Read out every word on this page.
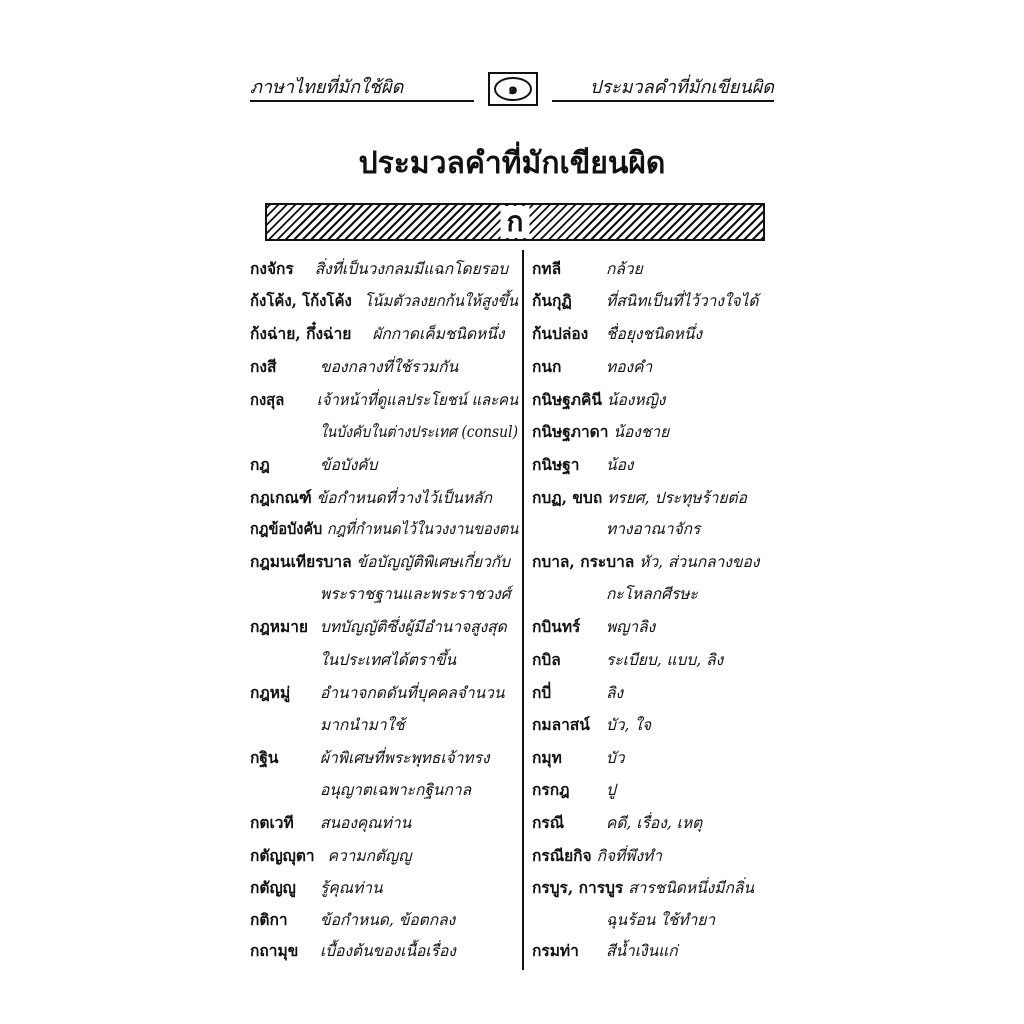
ภาษาไทยที่มักใช้ผิด	๑	ประมวลคำที่มักเขียนผิด
ประมวลคำที่มักเขียนผิด
ก
กงจักร สิ่งที่เป็นวงกลมมีแฉกโดยรอบ
ก้งโค้ง, โก้งโค้ง โน้มตัวลงยกก้นให้สูงขึ้น
ก้งฉ่าย, กึ๋งฉ่าย ผักกาดเค็มชนิดหนึ่ง
กงสี	ของกลางที่ใช้รวมกัน
กงสุล เจ้าหน้าที่ดูแลประโยชน์ และคน
ในบังคับในต่างประเทศ (consul)
กฎ	ข้อบังคับ
กฎเกณฑ์ ข้อกำหนดที่วางไว้เป็นหลัก
กฎข้อบังคับ กฎที่กำหนดไว้ในวงงานของตน
กฎมนเทียรบาล ข้อบัญญัติพิเศษเกี่ยวกับ
พระราชฐานและพระราชวงศ์
กฎหมาย บทบัญญัติซึ่งผู้มีอำนาจสูงสุด
ในประเทศได้ตราขึ้น
กฎหมู่ อำนาจกดดันที่บุคคลจำนวน
มากนำมาใช้
กฐิน	ผ้าพิเศษที่พระพุทธเจ้าทรง
อนุญาตเฉพาะกฐินกาล
กตเวที สนองคุณท่าน
กตัญญุตา ความกตัญญู
กตัญญู รู้คุณท่าน
กติกา ข้อกำหนด, ข้อตกลง
กถามุข เบื้องต้นของเนื้อเรื่อง
กทลี	กล้วย
ก้นกุฏิ ที่สนิทเป็นที่ไว้วางใจได้
ก้นปล่อง ชื่อยุงชนิดหนึ่ง
กนก	ทองคำ
กนิษฐภคินี น้องหญิง
กนิษฐภาดา น้องชาย
กนิษฐา น้อง
กบฏ, ขบถ ทรยศ, ประทุษร้ายต่อ
ทางอาณาจักร
กบาล, กระบาล หัว, ส่วนกลางของ
กะโหลกศีรษะ
กบินทร์ พญาลิง
กบิล	ระเบียบ, แบบ, ลิง
กบี่	ลิง
กมลาสน์ บัว, ใจ
กมุท	บัว
กรกฎ ปู
กรณี	คดี, เรื่อง, เหตุ
กรณียกิจ กิจที่พึงทำ
กรบูร, การบูร สารชนิดหนึ่งมีกลิ่น
ฉุนร้อน ใช้ทำยา
กรมท่า สีน้ำเงินแก่
